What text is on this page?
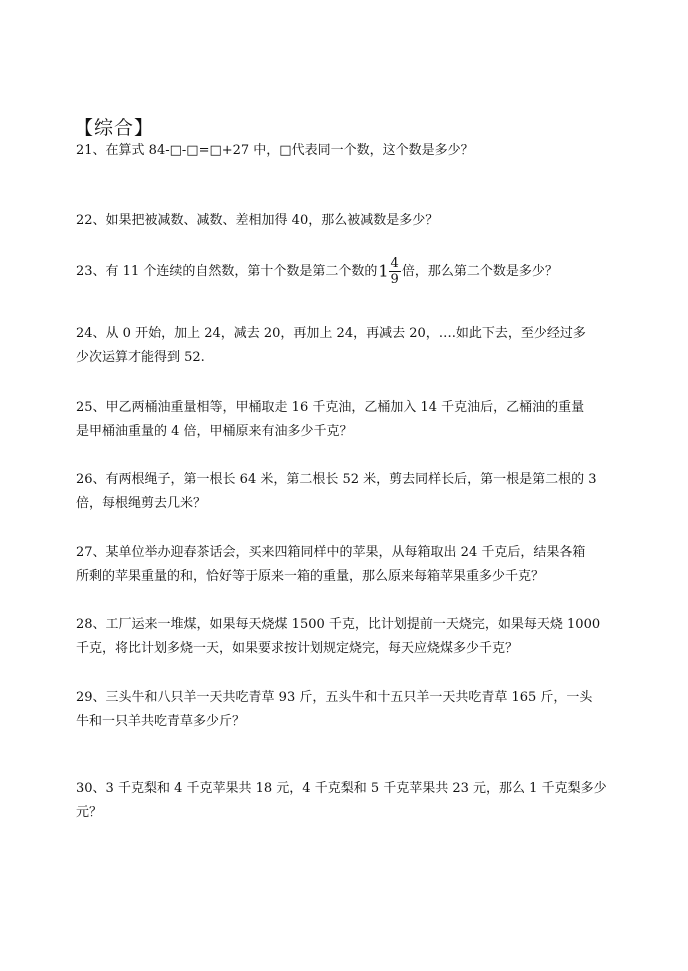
【综合】
21、在算式 84-□-□=□+27 中，□代表同一个数，这个数是多少？
22、如果把被减数、减数、差相加得 40，那么被减数是多少？
23、有 11 个连续的自然数，第十个数是第二个数的$1 \frac{4}{9}$ 倍，那么第二个数是多少？
24、从 0 开始，加上 24，减去 20，再加上 24，再减去 20，….如此下去，至少经过多
少次运算才能得到 52.
25、甲乙两桶油重量相等，甲桶取走 16 千克油，乙桶加入 14 千克油后，乙桶油的重量
是甲桶油重量的 4 倍，甲桶原来有油多少千克？
26、有两根绳子，第一根长 64 米，第二根长 52 米，剪去同样长后，第一根是第二根的 3
倍，每根绳剪去几米？
27、某单位举办迎春茶话会，买来四箱同样中的苹果，从每箱取出 24 千克后，结果各箱
所剩的苹果重量的和，恰好等于原来一箱的重量，那么原来每箱苹果重多少千克？
28、工厂运来一堆煤，如果每天烧煤 1500 千克，比计划提前一天烧完，如果每天烧 1000
千克，将比计划多烧一天，如果要求按计划规定烧完，每天应烧煤多少千克？
29、三头牛和八只羊一天共吃青草 93 斤，五头牛和十五只羊一天共吃青草 165 斤，一头
牛和一只羊共吃青草多少斤？
30、3 千克梨和 4 千克苹果共 18 元，4 千克梨和 5 千克苹果共 23 元，那么 1 千克梨多少
元？
